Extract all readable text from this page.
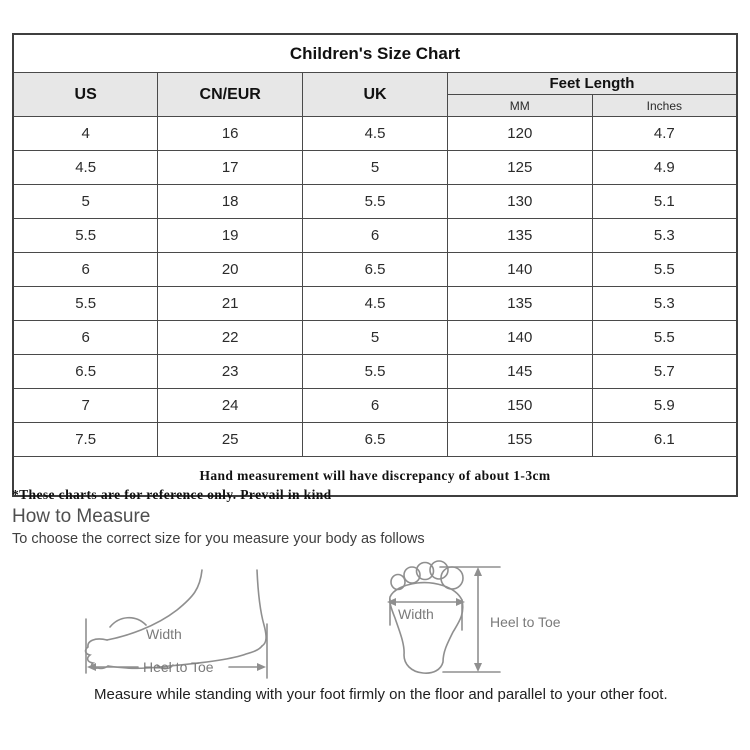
Children's Size Chart				
US	CN/EUR	UK	Feet Length	
			MM	Inches
4	16	4.5	120	4.7
4.5	17	5	125	4.9
5	18	5.5	130	5.1
5.5	19	6	135	5.3
6	20	6.5	140	5.5
5.5	21	4.5	135	5.3
6	22	5	140	5.5
6.5	23	5.5	145	5.7
7	24	6	150	5.9
7.5	25	6.5	155	6.1
Hand measurement will have discrepancy of about 1-3cm				
*These charts are for reference only. Prevail in kind
How to Measure
To choose the correct size for you measure your body as follows
Width
Heel to Toe
Width	Heel to Toe
Measure while standing with your foot firmly on the floor and parallel to your other foot.
